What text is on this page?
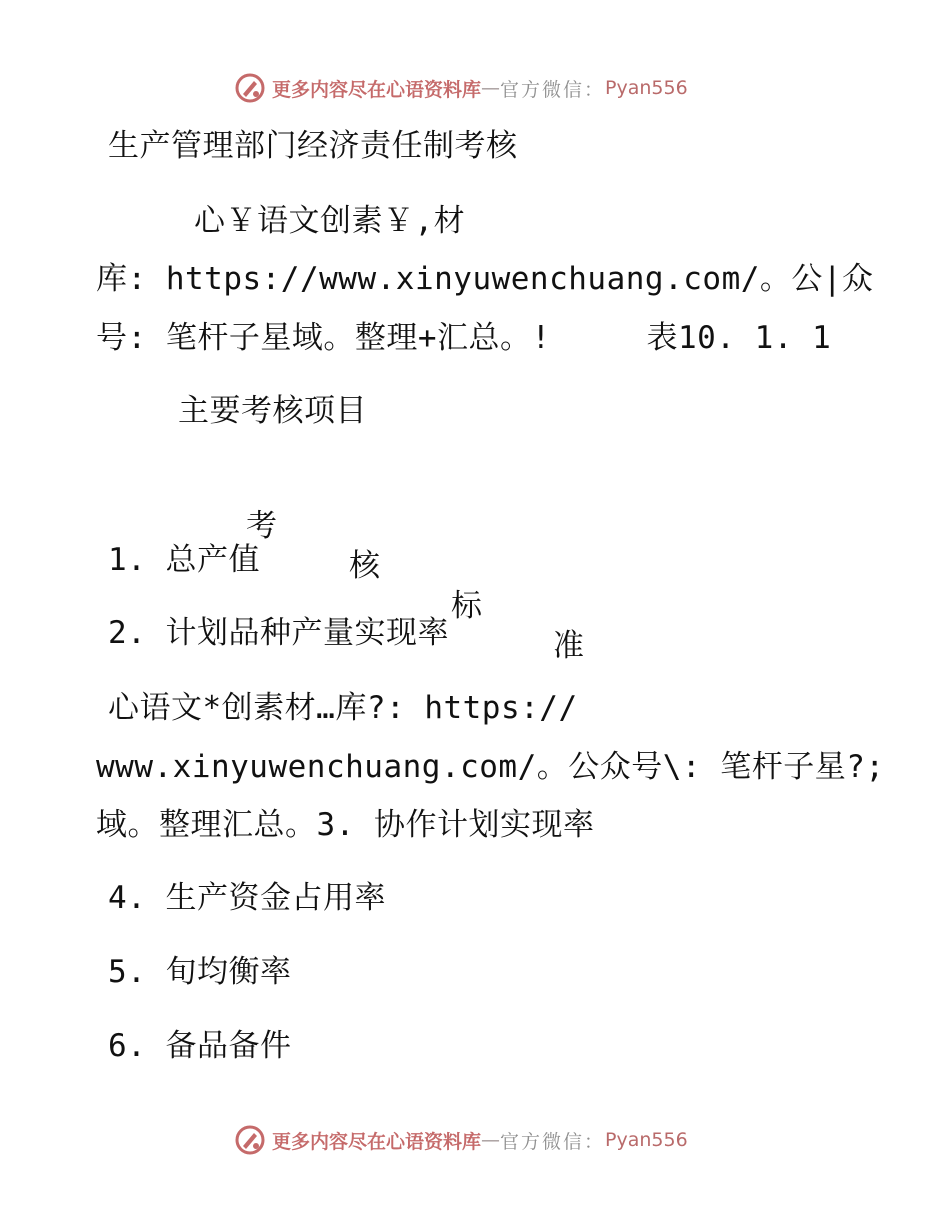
更多内容尽在心语资料库 — 官方微信： Pyan556
生产管理部门经济责任制考核
心￥语文创素￥,材
库: https://www.xinyuwenchuang.com/。公|众
号: 笔杆子星域。整理+汇总。!     表10. 1. 1
主要考核项目

考

核

标

准

1. 总产值
2. 计划品种产量实现率
心语文*创素材…库?: https://
www.xinyuwenchuang.com/。公众号\: 笔杆子星?;
域。整理汇总。3. 协作计划实现率
4. 生产资金占用率
5. 旬均衡率
6. 备品备件
更多内容尽在心语资料库 — 官方微信： Pyan556
